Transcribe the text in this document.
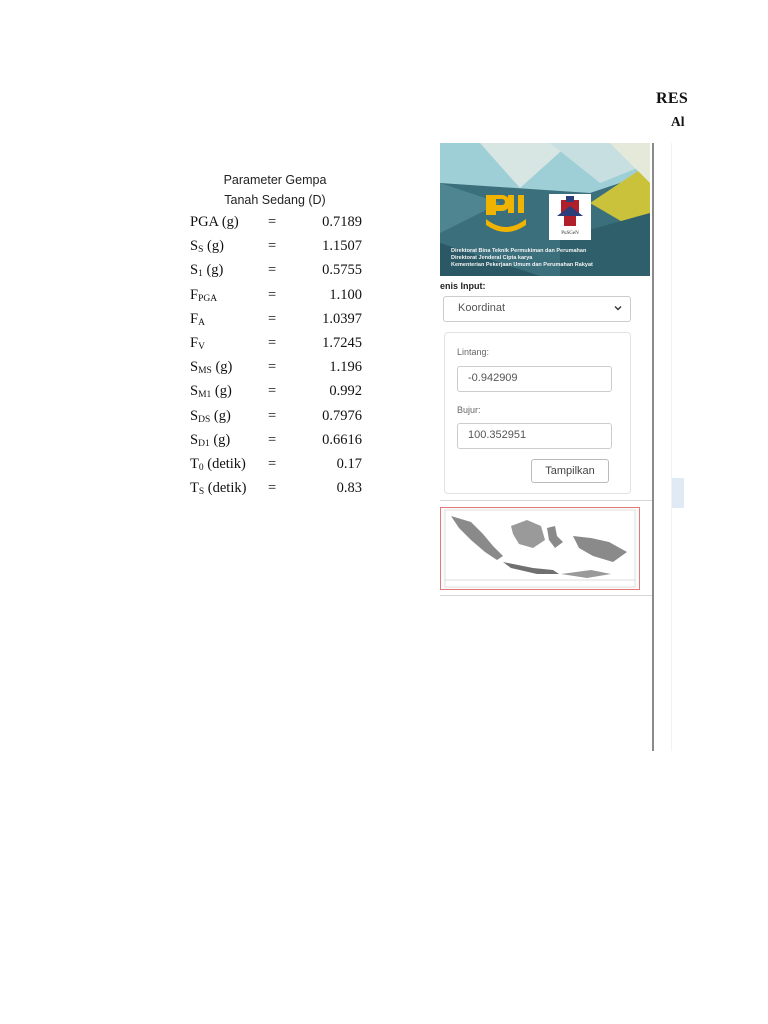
Parameter Gempa
Tanah Sedang (D)
PGA (g) =	0.7189
$S_S$ (g)	=	1.1507
$S_1$ (g)	=	0.5755
$F_{PGA}$	=	1.100
$F_A$	=	1.0397
$F_V$	=	1.7245
$S_{MS}$ (g) =	1.196
$S_{M1}$ (g) =	0.992
$S_{DS}$ (g)	=	0.7976
$S_{D1}$ (g)	=	0.6616
$T_0$ (detik) =	0.17
$T_S$ (detik) =	0.83
RES
Al
PuSGeN
Direktorat Bina Teknik Permukiman dan Perumahan
Direktorat Jenderal Cipta karya
Kementerian Pekerjaan Umum dan Perumahan Rakyat
enis Input:
Koordinat
Lintang:
-0.942909
Bujur:
100.352951
Tampilkan
